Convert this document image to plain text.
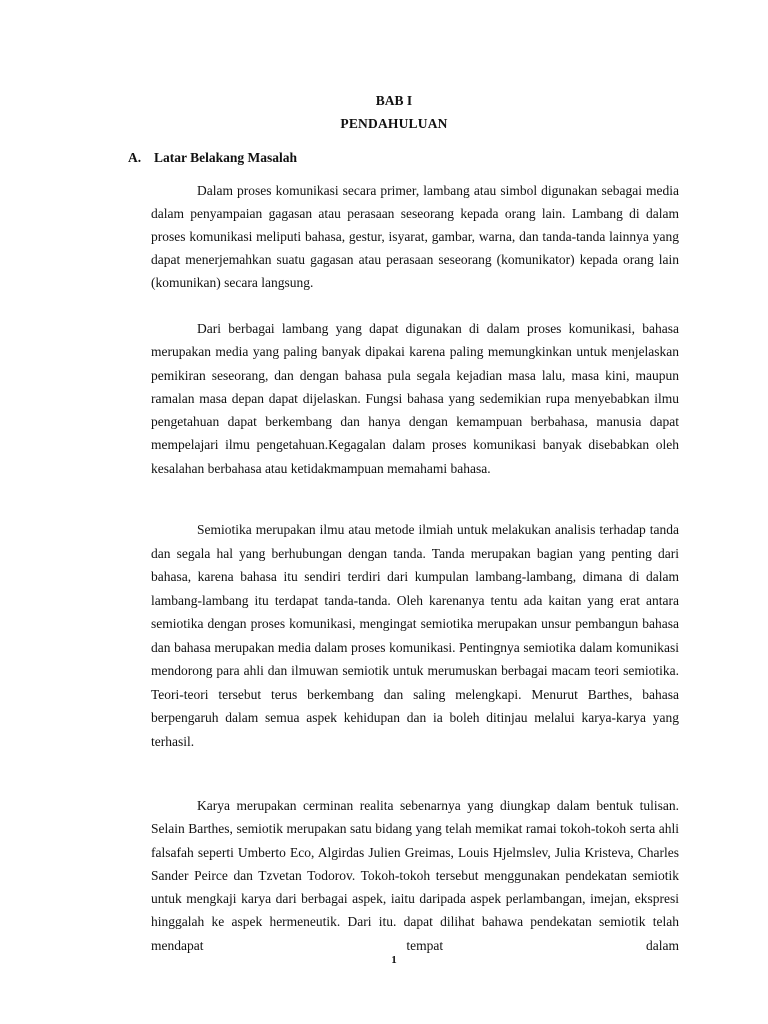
BAB I

PENDAHULUAN

A. Latar Belakang Masalah

Dalam proses komunikasi secara primer, lambang atau simbol digunakan sebagai media dalam penyampaian gagasan atau perasaan seseorang kepada orang lain. Lambang di dalam proses komunikasi meliputi bahasa, gestur, isyarat, gambar, warna, dan tanda-tanda lainnya yang dapat menerjemahkan suatu gagasan atau perasaan seseorang (komunikator) kepada orang lain (komunikan) secara langsung.

Dari berbagai lambang yang dapat digunakan di dalam proses komunikasi, bahasa merupakan media yang paling banyak dipakai karena paling memungkinkan untuk menjelaskan pemikiran seseorang, dan dengan bahasa pula segala kejadian masa lalu, masa kini, maupun ramalan masa depan dapat dijelaskan. Fungsi bahasa yang sedemikian rupa menyebabkan ilmu pengetahuan dapat berkembang dan hanya dengan kemampuan berbahasa, manusia dapat mempelajari ilmu pengetahuan.Kegagalan dalam proses komunikasi banyak disebabkan oleh kesalahan berbahasa atau ketidakmampuan memahami bahasa.

Semiotika merupakan ilmu atau metode ilmiah untuk melakukan analisis terhadap tanda dan segala hal yang berhubungan dengan tanda. Tanda merupakan bagian yang penting dari bahasa, karena bahasa itu sendiri terdiri dari kumpulan lambang-lambang, dimana di dalam lambang-lambang itu terdapat tanda-tanda. Oleh karenanya tentu ada kaitan yang erat antara semiotika dengan proses komunikasi, mengingat semiotika merupakan unsur pembangun bahasa dan bahasa merupakan media dalam proses komunikasi. Pentingnya semiotika dalam komunikasi mendorong para ahli dan ilmuwan semiotik untuk merumuskan berbagai macam teori semiotika. Teori-teori tersebut terus berkembang dan saling melengkapi. Menurut Barthes, bahasa berpengaruh dalam semua aspek kehidupan dan ia boleh ditinjau melalui karya-karya yang terhasil.

Karya merupakan cerminan realita sebenarnya yang diungkap dalam bentuk tulisan. Selain Barthes, semiotik merupakan satu bidang yang telah memikat ramai tokoh-tokoh serta ahli falsafah seperti Umberto Eco, Algirdas Julien Greimas, Louis Hjelmslev, Julia Kristeva, Charles Sander Peirce dan Tzvetan Todorov. Tokoh-tokoh tersebut menggunakan pendekatan semiotik untuk mengkaji karya dari berbagai aspek, iaitu daripada aspek perlambangan, imejan, ekspresi hinggalah ke aspek hermeneutik. Dari itu. dapat dilihat bahawa pendekatan semiotik telah mendapat tempat dalam

1
